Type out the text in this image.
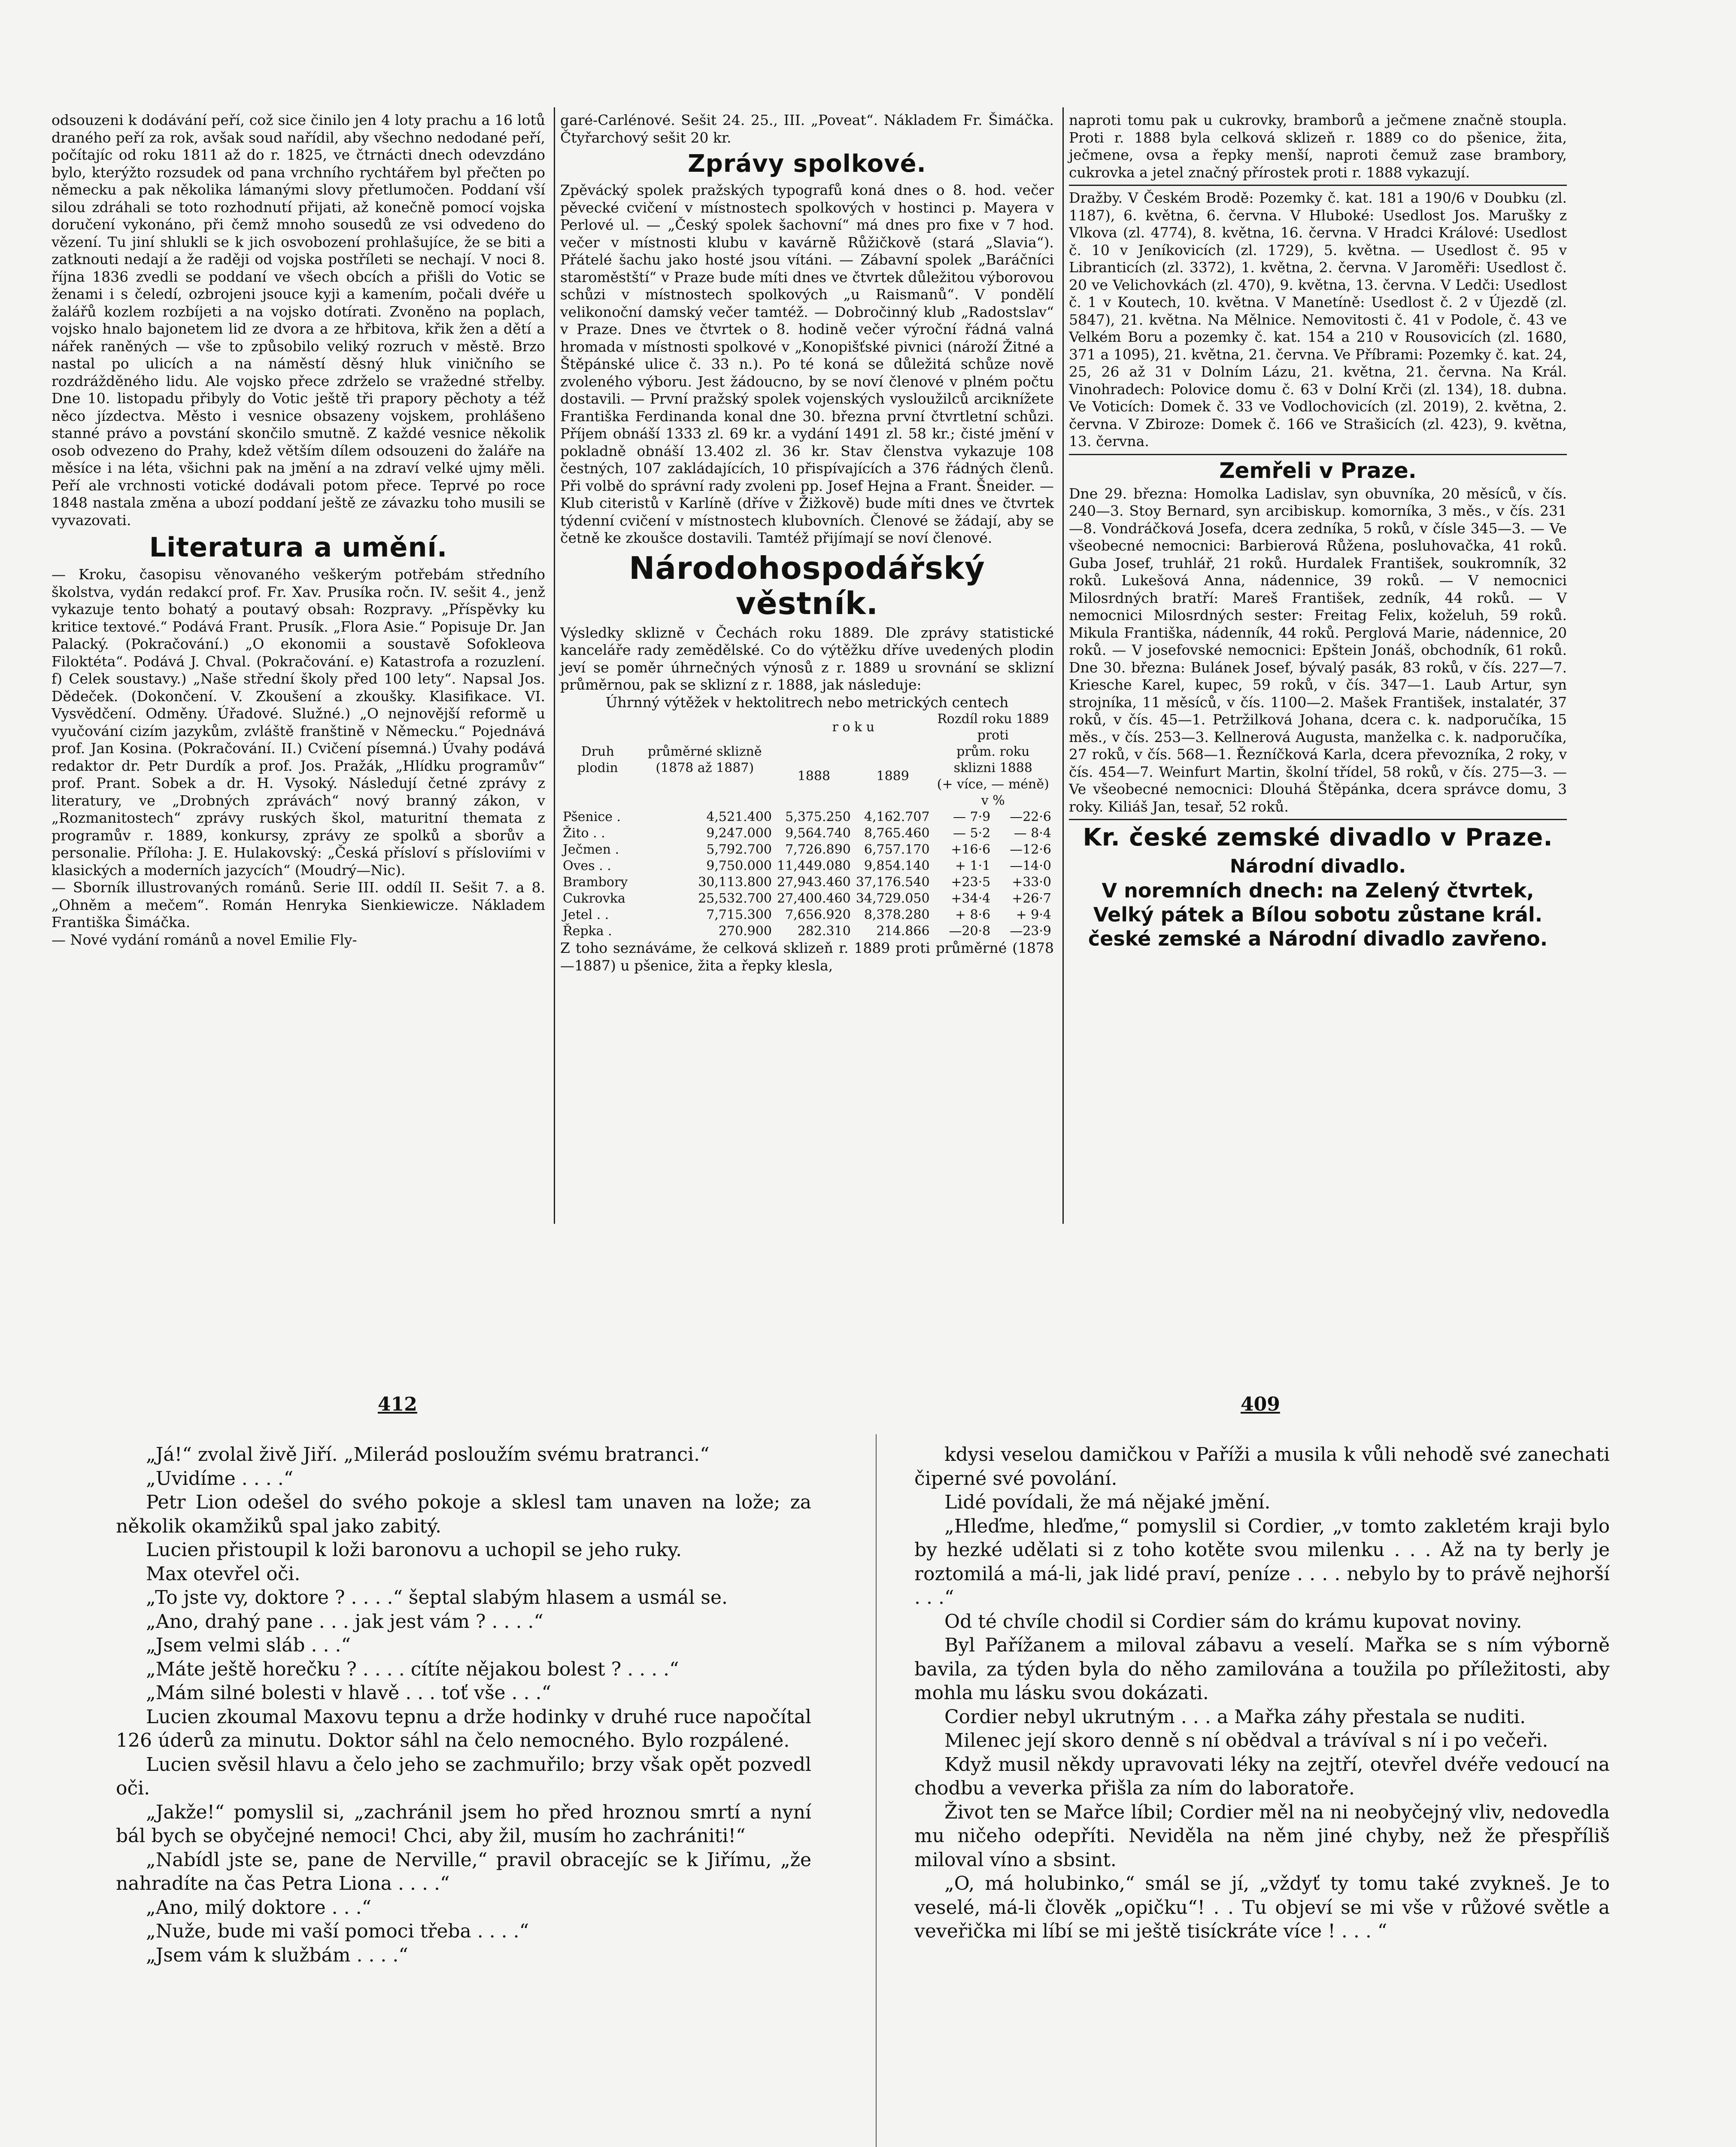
odsouzeni k dodávání peří, což sice činilo jen 4 loty prachu a 16 lotů draného peří za rok, avšak soud nařídil, aby všechno nedodané peří, počítajíc od roku 1811 až do r. 1825, ve čtrnácti dnech odevzdáno bylo, kterýžto rozsudek od pana vrchního rychtářem byl přečten po německu a pak několika lámanými slovy přetlumočen. Poddaní vší silou zdráhali se toto rozhodnutí přijati, až konečně pomocí vojska doručení vykonáno, při čemž mnoho sousedů ze vsi odvedeno do vězení. Tu jiní shlukli se k jich osvobození prohlašujíce, že se biti a zatknouti nedají a že raději od vojska postříleti se nechají. V noci 8. října 1836 zvedli se poddaní ve všech obcích a přišli do Votic se ženami i s čeledí, ozbrojeni jsouce kyji a kamením, počali dvéře u žalářů kozlem rozbíjeti a na vojsko dotírati. Zvoněno na poplach, vojsko hnalo bajonetem lid ze dvora a ze hřbitova, křik žen a dětí a nářek raněných — vše to způsobilo veliký rozruch v městě. Brzo nastal po ulicích a na náměstí děsný hluk viničního se rozdrážděného lidu. Ale vojsko přece zdrželo se vražedné střelby. Dne 10. listopadu přibyly do Votic ještě tři prapory pěchoty a též něco jízdectva. Město i vesnice obsazeny vojskem, prohlášeno stanné právo a povstání skončilo smutně. Z každé vesnice několik osob odvezeno do Prahy, kdež větším dílem odsouzeni do žaláře na měsíce i na léta, všichni pak na jmění a na zdraví velké ujmy měli. Peří ale vrchnosti votické dodávali potom přece. Teprvé po roce 1848 nastala změna a ubozí poddaní ještě ze závazku toho musili se vyvazovati.

Literatura a umění.

— Kroku, časopisu věnovaného veškerým potřebám středního školstva, vydán redakcí prof. Fr. Xav. Prusíka ročn. IV. sešit 4., jenž vykazuje tento bohatý a poutavý obsah: Rozpravy. „Příspěvky ku kritice textové.“ Podává Frant. Prusík. „Flora Asie.“ Popisuje Dr. Jan Palacký. (Pokračování.) „O ekonomii a soustavě Sofokleova Filoktéta“. Podává J. Chval. (Pokračování. e) Katastrofa a rozuzlení. f) Celek soustavy.) „Naše střední školy před 100 lety“. Napsal Jos. Dědeček. (Dokončení. V. Zkoušení a zkoušky. Klasifikace. VI. Vysvědčení. Odměny. Úřadové. Služné.) „O nejnovější reformě u vyučování cizím jazykům, zvláště franštině v Německu.“ Pojednává prof. Jan Kosina. (Pokračování. II.) Cvičení písemná.) Úvahy podává redaktor dr. Petr Durdík a prof. Jos. Pražák, „Hlídku programův“ prof. Prant. Sobek a dr. H. Vysoký. Následují četné zprávy z literatury, ve „Drobných zprávách“ nový branný zákon, v „Rozmanitostech“ zprávy ruských škol, maturitní themata z programův r. 1889, konkursy, zprávy ze spolků a sborův a personalie. Příloha: J. E. Hulakovský: „Česká přísloví s přísloviími v klasických a moderních jazycích“ (Moudrý—Nic).

— Sborník illustrovaných románů. Serie III. oddíl II. Sešit 7. a 8. „Ohněm a mečem“. Román Henryka Sienkiewicze. Nákladem Františka Šimáčka.

— Nové vydání románů a novel Emilie Fly-

garé-Carlénové. Sešit 24. 25., III. „Poveat“. Nákladem Fr. Šimáčka. Čtyřarchový sešit 20 kr.

Zprávy spolkové.

Zpěvácký spolek pražských typografů koná dnes o 8. hod. večer pěvecké cvičení v místnostech spolkových v hostinci p. Mayera v Perlové ul. — „Český spolek šachovní“ má dnes pro fixe v 7 hod. večer v místnosti klubu v kavárně Růžičkově (stará „Slavia“). Přátelé šachu jako hosté jsou vítáni. — Zábavní spolek „Baráčníci staroměstští“ v Praze bude míti dnes ve čtvrtek důležitou výborovou schůzi v místnostech spolkových „u Raismanů“. V pondělí velikonoční damský večer tamtéž. — Dobročinný klub „Radostslav“ v Praze. Dnes ve čtvrtek o 8. hodině večer výroční řádná valná hromada v místnosti spolkové v „Konopišťské pivnici (nároží Žitné a Štěpánské ulice č. 33 n.). Po té koná se důležitá schůze nově zvoleného výboru. Jest žádoucno, by se noví členové v plném počtu dostavili. — První pražský spolek vojenských vysloužilců arciknížete Františka Ferdinanda konal dne 30. března první čtvrtletní schůzi. Příjem obnáší 1333 zl. 69 kr. a vydání 1491 zl. 58 kr.; čisté jmění v pokladně obnáší 13.402 zl. 36 kr. Stav členstva vykazuje 108 čestných, 107 zakládajících, 10 přispívajících a 376 řádných členů. Při volbě do správní rady zvoleni pp. Josef Hejna a Frant. Šneider. — Klub citeristů v Karlíně (dříve v Žižkově) bude míti dnes ve čtvrtek týdenní cvičení v místnostech klubovních. Členové se žádají, aby se četně ke zkoušce dostavili. Tamtéž přijímají se noví členové.

Národohospodářský věstník.

Výsledky sklizně v Čechách roku 1889. Dle zprávy statistické kanceláře rady zemědělské. Co do výtěžku dříve uvedených plodin jeví se poměr úhrnečných výnosů z r. 1889 u srovnání se sklizní průměrnou, pak se sklizní z r. 1888, jak následuje:

Úhrnný výtěžek v hektolitrech nebo metrických centech

Druh plodin	průměrné sklizně (1878 až 1887)	r o k u		Rozdíl roku 1889 proti	
		1888	1889	prům. roku sklizni 1888	
				(+ více, — méně) v %	
Pšenice .	4,521.400	5,375.250	4,162.707	— 7·9	—22·6
Žito . .	9,247.000	9,564.740	8,765.460	— 5·2	— 8·4
Ječmen .	5,792.700	7,726.890	6,757.170	+16·6	—12·6
Oves . .	9,750.000	11,449.080	9,854.140	+ 1·1	—14·0
Brambory	30,113.800	27,943.460	37,176.540	+23·5	+33·0
Cukrovka	25,532.700	27,400.460	34,729.050	+34·4	+26·7
Jetel . .	7,715.300	7,656.920	8,378.280	+ 8·6	+ 9·4
Řepka .	270.900	282.310	214.866	—20·8	—23·9

Z toho seznáváme, že celková sklizeň r. 1889 proti průměrné (1878—1887) u pšenice, žita a řepky klesla,

naproti tomu pak u cukrovky, bramborů a ječmene značně stoupla. Proti r. 1888 byla celková sklizeň r. 1889 co do pšenice, žita, ječmene, ovsa a řepky menší, naproti čemuž zase brambory, cukrovka a jetel značný přírostek proti r. 1888 vykazují.

Dražby. V Českém Brodě: Pozemky č. kat. 181 a 190/6 v Doubku (zl. 1187), 6. května, 6. června. V Hluboké: Usedlost Jos. Marušky z Vlkova (zl. 4774), 8. května, 16. června. V Hradci Králové: Usedlost č. 10 v Jeníkovicích (zl. 1729), 5. května. — Usedlost č. 95 v Libranticích (zl. 3372), 1. května, 2. června. V Jaroměři: Usedlost č. 20 ve Velichovkách (zl. 470), 9. května, 13. června. V Ledči: Usedlost č. 1 v Koutech, 10. května. V Manetíně: Usedlost č. 2 v Újezdě (zl. 5847), 21. května. Na Mělnice. Nemovitosti č. 41 v Podole, č. 43 ve Velkém Boru a pozemky č. kat. 154 a 210 v Rousovicích (zl. 1680, 371 a 1095), 21. května, 21. června. Ve Příbrami: Pozemky č. kat. 24, 25, 26 až 31 v Dolním Lázu, 21. května, 21. června. Na Král. Vinohradech: Polovice domu č. 63 v Dolní Krči (zl. 134), 18. dubna. Ve Voticích: Domek č. 33 ve Vodlochovicích (zl. 2019), 2. května, 2. června. V Zbiroze: Domek č. 166 ve Strašicích (zl. 423), 9. května, 13. června.

Zemřeli v Praze.

Dne 29. března: Homolka Ladislav, syn obuvníka, 20 měsíců, v čís. 240—3. Stoy Bernard, syn arcibiskup. komorníka, 3 měs., v čís. 231—8. Vondráčková Josefa, dcera zedníka, 5 roků, v čísle 345—3. — Ve všeobecné nemocnici: Barbierová Růžena, posluhovačka, 41 roků. Guba Josef, truhlář, 21 roků. Hurdalek František, soukromník, 32 roků. Lukešová Anna, nádennice, 39 roků. — V nemocnici Milosrdných bratří: Mareš František, zedník, 44 roků. — V nemocnici Milosrdných sester: Freitag Felix, koželuh, 59 roků. Mikula Františka, nádenník, 44 roků. Perglová Marie, nádennice, 20 roků. — V josefovské nemocnici: Epštein Jonáš, obchodník, 61 roků. Dne 30. března: Bulánek Josef, bývalý pasák, 83 roků, v čís. 227—7. Kriesche Karel, kupec, 59 roků, v čís. 347—1. Laub Artur, syn strojníka, 11 měsíců, v čís. 1100—2. Mašek František, instalatér, 37 roků, v čís. 45—1. Petržilková Johana, dcera c. k. nadporučíka, 15 měs., v čís. 253—3. Kellnerová Augusta, manželka c. k. nadporučíka, 27 roků, v čís. 568—1. Řezníčková Karla, dcera převozníka, 2 roky, v čís. 454—7. Weinfurt Martin, školní třídel, 58 roků, v čís. 275—3. — Ve všeobecné nemocnici: Dlouhá Štěpánka, dcera správce domu, 3 roky. Kiliáš Jan, tesař, 52 roků.

Kr. české zemské divadlo v Praze.
Národní divadlo.

V noremních dnech: na Zelený čtvrtek, Velký pátek a Bílou sobotu zůstane král. české zemské a Národní divadlo zavřeno.

412	409

„Já!“ zvolal živě Jiří. „Milerád posloužím svému bratranci.“

„Uvidíme . . . .“

Petr Lion odešel do svého pokoje a sklesl tam unaven na lože; za několik okamžiků spal jako zabitý.

Lucien přistoupil k loži baronovu a uchopil se jeho ruky.

Max otevřel oči.

„To jste vy, doktore ? . . . .“ šeptal slabým hlasem a usmál se.

„Ano, drahý pane . . . jak jest vám ? . . . .“

„Jsem velmi sláb . . .“

„Máte ještě horečku ? . . . . cítíte nějakou bolest ? . . . .“

„Mám silné bolesti v hlavě . . . toť vše . . .“

Lucien zkoumal Maxovu tepnu a drže hodinky v druhé ruce napočítal 126 úderů za minutu. Doktor sáhl na čelo nemocného. Bylo rozpálené.

Lucien svěsil hlavu a čelo jeho se zachmuřilo; brzy však opět pozvedl oči.

„Jakže!“ pomyslil si, „zachránil jsem ho před hroznou smrtí a nyní bál bych se obyčejné nemoci! Chci, aby žil, musím ho zachrániti!“

„Nabídl jste se, pane de Nerville,“ pravil obracejíc se k Jiřímu, „že nahradíte na čas Petra Liona . . . .“

„Ano, milý doktore . . .“

„Nuže, bude mi vaší pomoci třeba . . . .“

„Jsem vám k službám . . . .“

kdysi veselou damičkou v Paříži a musila k vůli nehodě své zanechati čiperné své povolání.

Lidé povídali, že má nějaké jmění.

„Hleďme, hleďme,“ pomyslil si Cordier, „v tomto zakletém kraji bylo by hezké udělati si z toho kotěte svou milenku . . . Až na ty berly je roztomilá a má-li, jak lidé praví, peníze . . . . nebylo by to právě nejhorší . . .“

Od té chvíle chodil si Cordier sám do krámu kupovat noviny.

Byl Pařížanem a miloval zábavu a veselí. Mařka se s ním výborně bavila, za týden byla do něho zamilována a toužila po příležitosti, aby mohla mu lásku svou dokázati.

Cordier nebyl ukrutným . . . a Mařka záhy přestala se nuditi.

Milenec její skoro denně s ní obědval a trávíval s ní i po večeři.

Když musil někdy upravovati léky na zejtří, otevřel dvéře vedoucí na chodbu a veverka přišla za ním do laboratoře.

Život ten se Mařce líbil; Cordier měl na ni neobyčejný vliv, nedovedla mu ničeho odepříti. Neviděla na něm jiné chyby, než že přespříliš miloval víno a sbsint.

„O, má holubinko,“ smál se jí, „vždyť ty tomu také zvykneš. Je to veselé, má-li člověk „opičku“! . . Tu objeví se mi vše v růžové světle a veveřička mi líbí se mi ještě tisíckráte více ! . . . “
